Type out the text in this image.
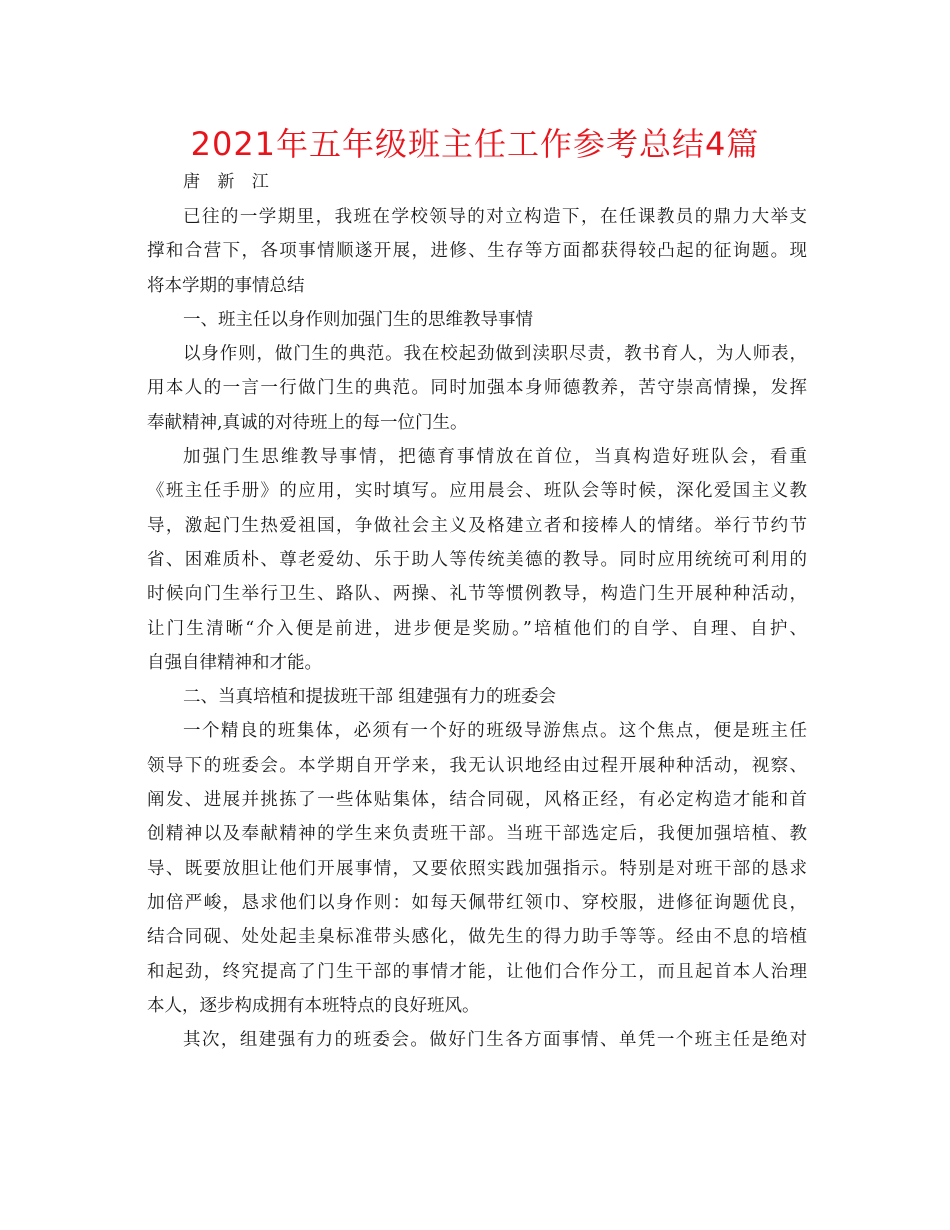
2021年五年级班主任工作参考总结4篇
唐 新 江
已往的一学期里，我班在学校领导的对立构造下，在任课教员的鼎力大举支
撑和合营下，各项事情顺遂开展，进修、生存等方面都获得较凸起的征询题。现
将本学期的事情总结
一、班主任以身作则加强门生的思维教导事情
以身作则，做门生的典范。我在校起劲做到渎职尽责，教书育人，为人师表，
用本人的一言一行做门生的典范。同时加强本身师德教养，苦守崇高情操，发挥
奉献精神,真诚的对待班上的每一位门生。
加强门生思维教导事情，把德育事情放在首位，当真构造好班队会，看重
《班主任手册》的应用，实时填写。应用晨会、班队会等时候，深化爱国主义教
导，激起门生热爱祖国，争做社会主义及格建立者和接棒人的情绪。举行节约节
省、困难质朴、尊老爱幼、乐于助人等传统美德的教导。同时应用统统可利用的
时候向门生举行卫生、路队、两操、礼节等惯例教导，构造门生开展种种活动，
让门生清晰“介入便是前进，进步便是奖励。”培植他们的自学、自理、自护、
自强自律精神和才能。
二、当真培植和提拔班干部 组建强有力的班委会
一个精良的班集体，必须有一个好的班级导游焦点。这个焦点，便是班主任
领导下的班委会。本学期自开学来，我无认识地经由过程开展种种活动，视察、
阐发、进展并挑拣了一些体贴集体，结合同砚，风格正经，有必定构造才能和首
创精神以及奉献精神的学生来负责班干部。当班干部选定后，我便加强培植、教
导、既要放胆让他们开展事情，又要依照实践加强指示。特别是对班干部的恳求
加倍严峻，恳求他们以身作则：如每天佩带红领巾、穿校服，进修征询题优良，
结合同砚、处处起圭臬标准带头感化，做先生的得力助手等等。经由不息的培植
和起劲，终究提高了门生干部的事情才能，让他们合作分工，而且起首本人治理
本人，逐步构成拥有本班特点的良好班风。
其次，组建强有力的班委会。做好门生各方面事情、单凭一个班主任是绝对
